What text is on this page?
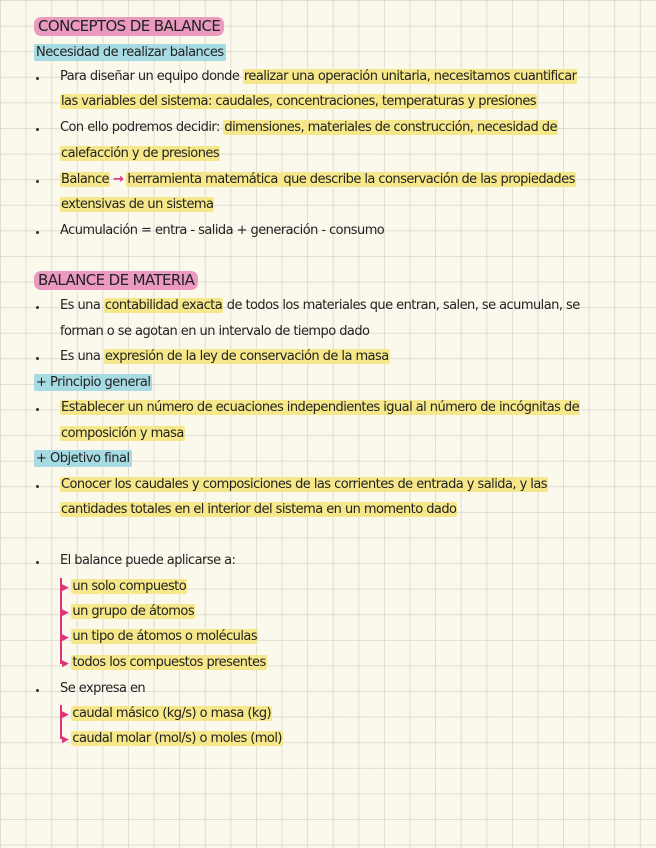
CONCEPTOS DE BALANCE
Necesidad de realizar balances
Para diseñar un equipo donde realizar una operación unitaria, necesitamos cuantificar
las variables del sistema: caudales, concentraciones, temperaturas y presiones
Con ello podremos decidir: dimensiones, materiales de construcción, necesidad de
calefacción y de presiones
Balance → herramienta matemática que describe la conservación de las propiedades
extensivas de un sistema
Acumulación = entra - salida + generación - consumo
BALANCE DE MATERIA
Es una contabilidad exacta de todos los materiales que entran, salen, se acumulan, se
forman o se agotan en un intervalo de tiempo dado
Es una expresión de la ley de conservación de la masa
+ Principio general
Establecer un número de ecuaciones independientes igual al número de incógnitas de
composición y masa
+ Objetivo final
Conocer los caudales y composiciones de las corrientes de entrada y salida, y las
cantidades totales en el interior del sistema en un momento dado
El balance puede aplicarse a:
▶ un solo compuesto
▶ un grupo de átomos
▶ un tipo de átomos o moléculas
▶ todos los compuestos presentes
Se expresa en
▶ caudal másico (kg/s) o masa (kg)
▶ caudal molar (mol/s) o moles (mol)
